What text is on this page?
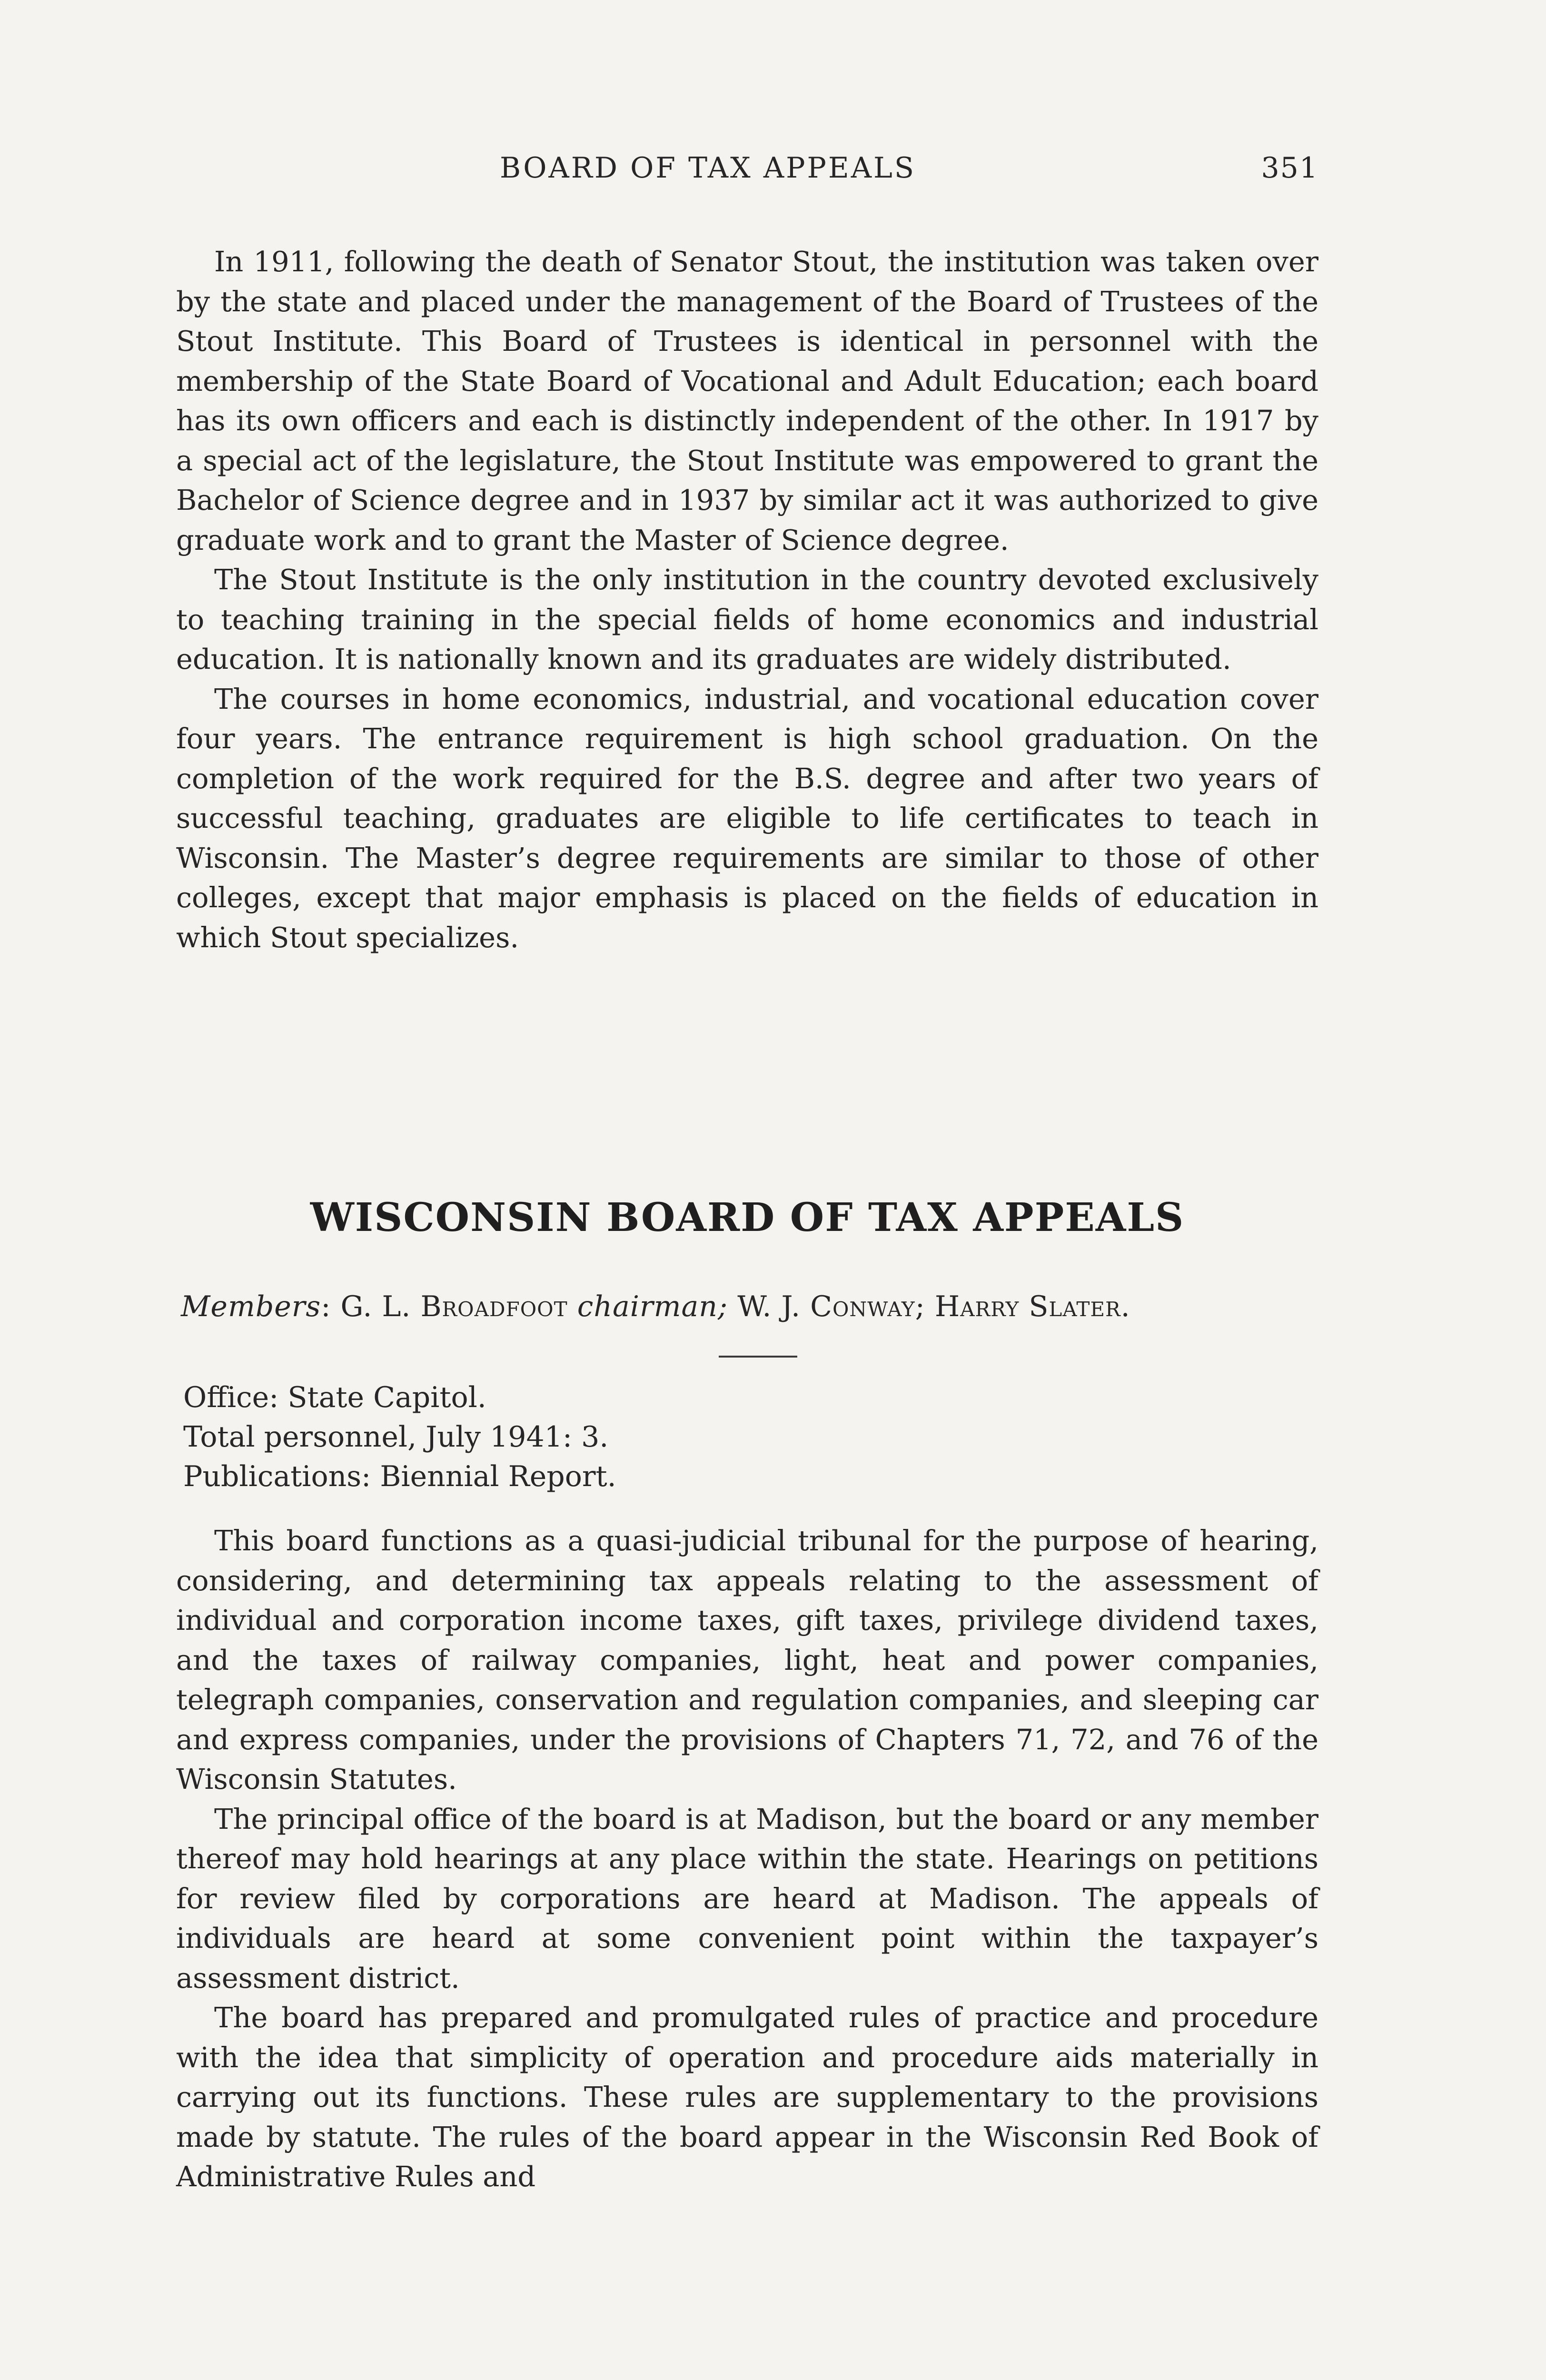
BOARD OF TAX APPEALS	351

In 1911, following the death of Senator Stout, the institution was taken over by the state and placed under the management of the Board of Trustees of the Stout Institute. This Board of Trustees is identical in personnel with the membership of the State Board of Vocational and Adult Education; each board has its own officers and each is distinctly independent of the other. In 1917 by a special act of the legislature, the Stout Institute was empowered to grant the Bachelor of Science degree and in 1937 by similar act it was authorized to give graduate work and to grant the Master of Science degree.

The Stout Institute is the only institution in the country devoted exclusively to teaching training in the special fields of home economics and industrial education. It is nationally known and its graduates are widely distributed.

The courses in home economics, industrial, and vocational education cover four years. The entrance requirement is high school graduation. On the completion of the work required for the B.S. degree and after two years of successful teaching, graduates are eligible to life certificates to teach in Wisconsin. The Master’s degree requirements are similar to those of other colleges, except that major emphasis is placed on the fields of education in which Stout specializes.

WISCONSIN BOARD OF TAX APPEALS
Members: G. L. Broadfoot chairman; W. J. Conway; Harry Slater.
Office: State Capitol.
Total personnel, July 1941: 3.
Publications: Biennial Report.

This board functions as a quasi-judicial tribunal for the purpose of hearing, considering, and determining tax appeals relating to the assessment of individual and corporation income taxes, gift taxes, privilege dividend taxes, and the taxes of railway companies, light, heat and power companies, telegraph companies, conservation and regulation companies, and sleeping car and express companies, under the provisions of Chapters 71, 72, and 76 of the Wisconsin Statutes.

The principal office of the board is at Madison, but the board or any member thereof may hold hearings at any place within the state. Hearings on petitions for review filed by corporations are heard at Madison. The appeals of individuals are heard at some convenient point within the taxpayer’s assessment district.

The board has prepared and promulgated rules of practice and procedure with the idea that simplicity of operation and procedure aids materially in carrying out its functions. These rules are supplementary to the provisions made by statute. The rules of the board appear in the Wisconsin Red Book of Administrative Rules and
